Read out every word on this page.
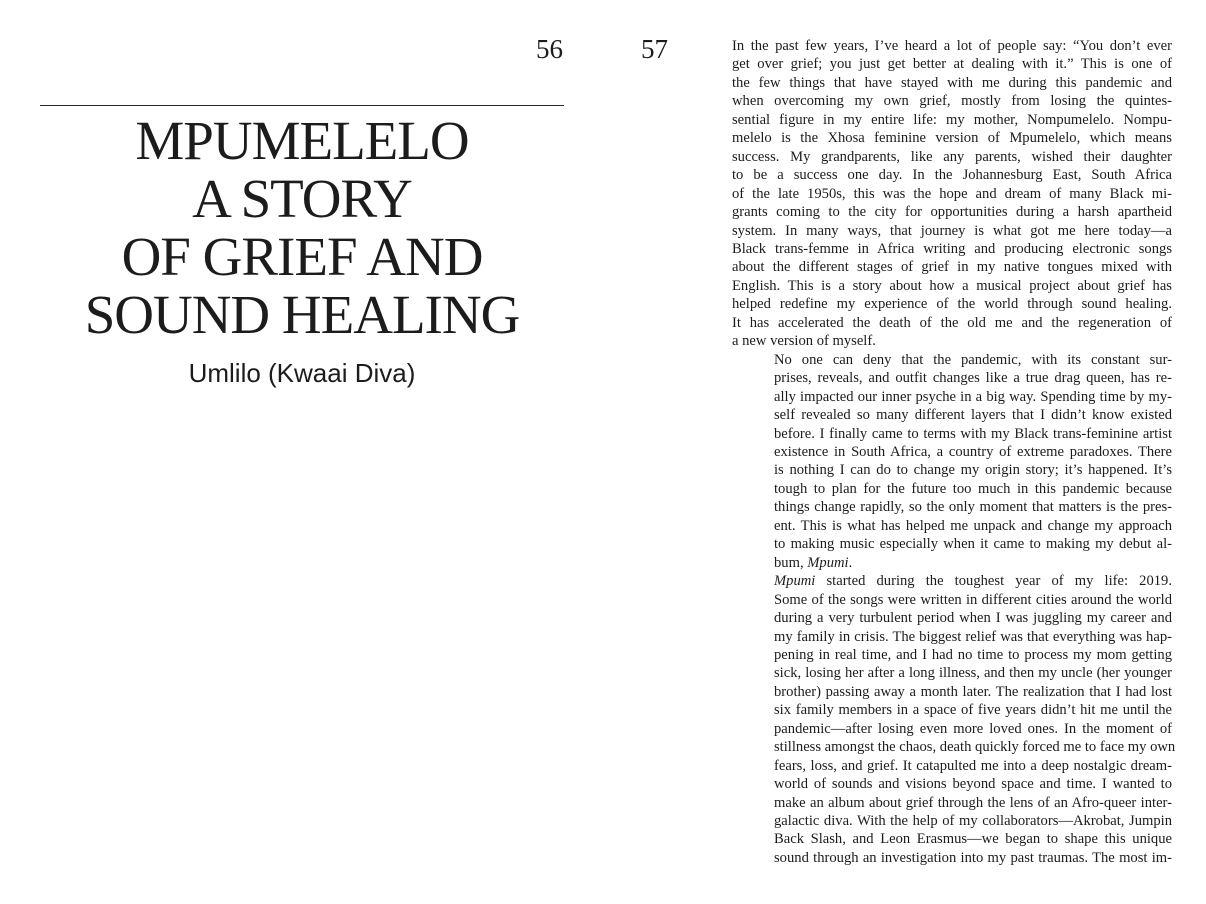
56
MPUMELELO
A STORY
OF GRIEF AND
SOUND HEALING
Umlilo (Kwaai Diva)
57	In the past few years, I’ve heard a lot of people say: “You don’t ever
get over grief; you just get better at dealing with it.” This is one of
the few things that have stayed with me during this pandemic and
when overcoming my own grief, mostly from losing the quintes-
sential figure in my entire life: my mother, Nompumelelo. Nompu-
melelo is the Xhosa feminine version of Mpumelelo, which means
success. My grandparents, like any parents, wished their daughter
to be a success one day. In the Johannesburg East, South Africa
of the late 1950s, this was the hope and dream of many Black mi-
grants coming to the city for opportunities during a harsh apartheid
system. In many ways, that journey is what got me here today—a
Black trans-femme in Africa writing and producing electronic songs
about the different stages of grief in my native tongues mixed with
English. This is a story about how a musical project about grief has
helped redefine my experience of the world through sound healing.
It has accelerated the death of the old me and the regeneration of
a new version of myself.

No one can deny that the pandemic, with its constant sur-
prises, reveals, and outfit changes like a true drag queen, has re-
ally impacted our inner psyche in a big way. Spending time by my-
self revealed so many different layers that I didn’t know existed
before. I finally came to terms with my Black trans-feminine artist
existence in South Africa, a country of extreme paradoxes. There
is nothing I can do to change my origin story; it’s happened. It’s
tough to plan for the future too much in this pandemic because
things change rapidly, so the only moment that matters is the pres-
ent. This is what has helped me unpack and change my approach
to making music especially when it came to making my debut al-
bum, Mpumi.

Mpumi started during the toughest year of my life: 2019.
Some of the songs were written in different cities around the world
during a very turbulent period when I was juggling my career and
my family in crisis. The biggest relief was that everything was hap-
pening in real time, and I had no time to process my mom getting
sick, losing her after a long illness, and then my uncle (her younger
brother) passing away a month later. The realization that I had lost
six family members in a space of five years didn’t hit me until the
pandemic—after losing even more loved ones. In the moment of
stillness amongst the chaos, death quickly forced me to face my own
fears, loss, and grief. It catapulted me into a deep nostalgic dream-
world of sounds and visions beyond space and time. I wanted to
make an album about grief through the lens of an Afro-queer inter-
galactic diva. With the help of my collaborators—Akrobat, Jumpin
Back Slash, and Leon Erasmus—we began to shape this unique
sound through an investigation into my past traumas. The most im-
